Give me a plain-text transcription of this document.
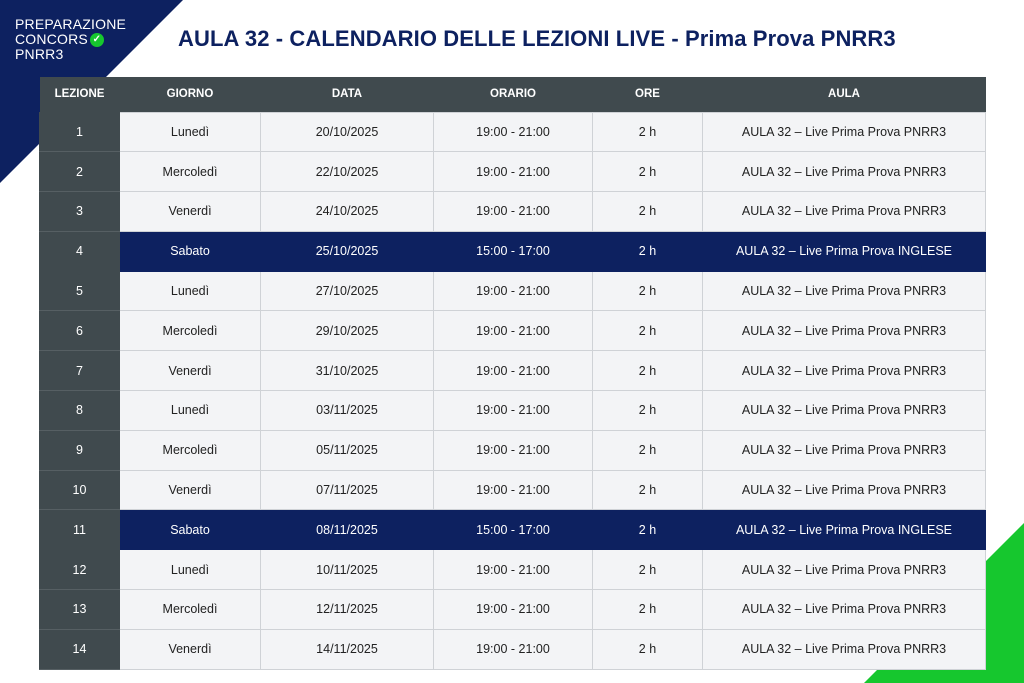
PREPARAZIONE
CONCORS ✓
PNRR3
AULA 32 - CALENDARIO DELLE LEZIONI LIVE - Prima Prova PNRR3
LEZIONE	GIORNO	DATA	ORARIO	ORE	AULA
1	Lunedì	20/10/2025	19:00 - 21:00	2 h	AULA 32 – Live Prima Prova PNRR3
2	Mercoledì	22/10/2025	19:00 - 21:00	2 h	AULA 32 – Live Prima Prova PNRR3
3	Venerdì	24/10/2025	19:00 - 21:00	2 h	AULA 32 – Live Prima Prova PNRR3
4	Sabato	25/10/2025	15:00 - 17:00	2 h	AULA 32 – Live Prima Prova INGLESE
5	Lunedì	27/10/2025	19:00 - 21:00	2 h	AULA 32 – Live Prima Prova PNRR3
6	Mercoledì	29/10/2025	19:00 - 21:00	2 h	AULA 32 – Live Prima Prova PNRR3
7	Venerdì	31/10/2025	19:00 - 21:00	2 h	AULA 32 – Live Prima Prova PNRR3
8	Lunedì	03/11/2025	19:00 - 21:00	2 h	AULA 32 – Live Prima Prova PNRR3
9	Mercoledì	05/11/2025	19:00 - 21:00	2 h	AULA 32 – Live Prima Prova PNRR3
10	Venerdì	07/11/2025	19:00 - 21:00	2 h	AULA 32 – Live Prima Prova PNRR3
11	Sabato	08/11/2025	15:00 - 17:00	2 h	AULA 32 – Live Prima Prova INGLESE
12	Lunedì	10/11/2025	19:00 - 21:00	2 h	AULA 32 – Live Prima Prova PNRR3
13	Mercoledì	12/11/2025	19:00 - 21:00	2 h	AULA 32 – Live Prima Prova PNRR3
14	Venerdì	14/11/2025	19:00 - 21:00	2 h	AULA 32 – Live Prima Prova PNRR3
